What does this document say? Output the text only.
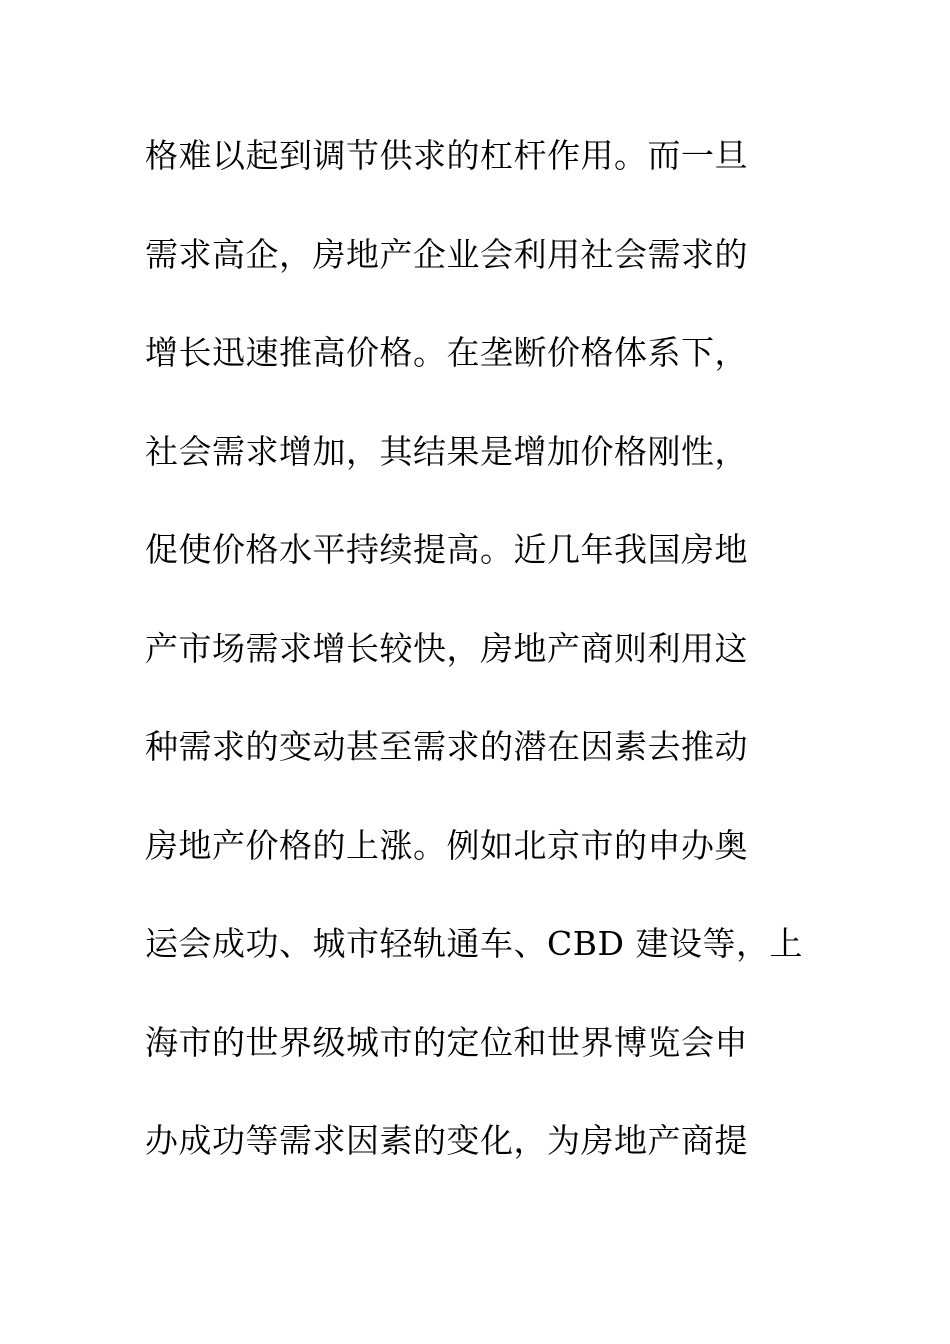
格难以起到调节供求的杠杆作用。而一旦
需求高企，房地产企业会利用社会需求的
增长迅速推高价格。在垄断价格体系下，
社会需求增加，其结果是增加价格刚性，
促使价格水平持续提高。近几年我国房地
产市场需求增长较快，房地产商则利用这
种需求的变动甚至需求的潜在因素去推动
房地产价格的上涨。例如北京市的申办奥
运会成功、城市轻轨通车、CBD 建设等，上
海市的世界级城市的定位和世界博览会申
办成功等需求因素的变化，为房地产商提
